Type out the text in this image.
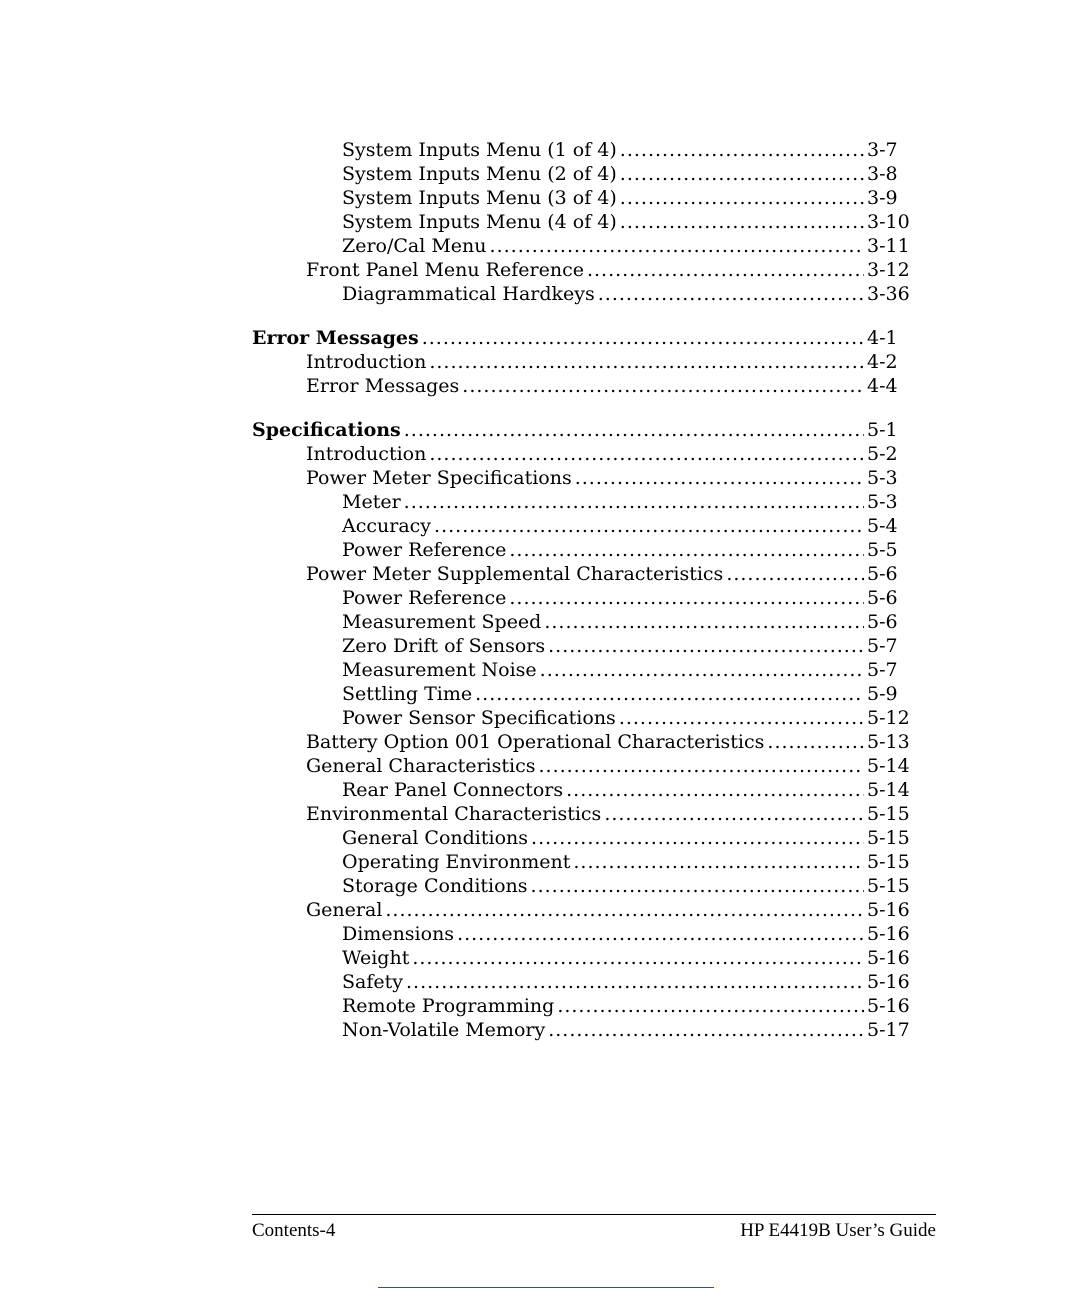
System Inputs Menu (1 of 4) .....	3-7
System Inputs Menu (2 of 4) .....	3-8
System Inputs Menu (3 of 4) .....	3-9
System Inputs Menu (4 of 4) .....	3-10
Zero/Cal Menu .....	3-11
Front Panel Menu Reference .....	3-12
Diagrammatical Hardkeys .....	3-36
Error Messages .....	4-1
Introduction .....	4-2
Error Messages .....	4-4
Specifications .....	5-1
Introduction .....	5-2
Power Meter Specifications .....	5-3
Meter .....	5-3
Accuracy .....	5-4
Power Reference .....	5-5
Power Meter Supplemental Characteristics .....	5-6
Power Reference .....	5-6
Measurement Speed .....	5-6
Zero Drift of Sensors .....	5-7
Measurement Noise .....	5-7
Settling Time .....	5-9
Power Sensor Specifications .....	5-12
Battery Option 001 Operational Characteristics .....	5-13
General Characteristics .....	5-14
Rear Panel Connectors .....	5-14
Environmental Characteristics .....	5-15
General Conditions .....	5-15
Operating Environment .....	5-15
Storage Conditions .....	5-15
General .....	5-16
Dimensions .....	5-16
Weight .....	5-16
Safety .....	5-16
Remote Programming .....	5-16
Non-Volatile Memory .....	5-17
Contents-4	HP E4419B User’s Guide
